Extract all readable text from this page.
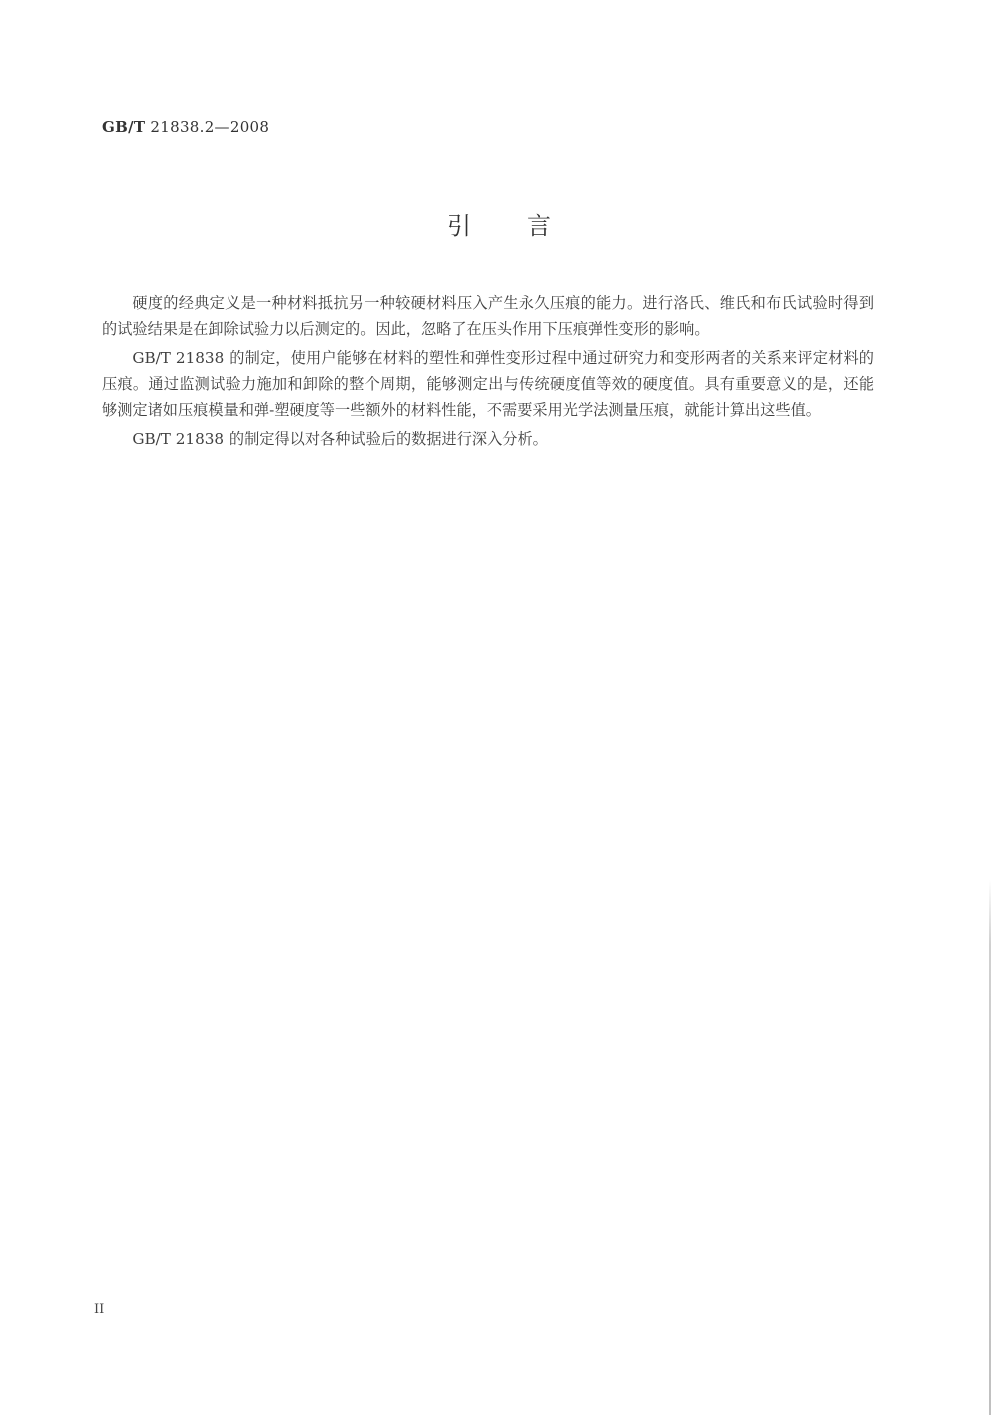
GB/T 21838.2—2008
引言

硬度的经典定义是一种材料抵抗另一种较硬材料压入产生永久压痕的能力。进行洛氏、维氏和布氏试验时得到的试验结果是在卸除试验力以后测定的。因此，忽略了在压头作用下压痕弹性变形的影响。

GB/T 21838 的制定，使用户能够在材料的塑性和弹性变形过程中通过研究力和变形两者的关系来评定材料的压痕。通过监测试验力施加和卸除的整个周期，能够测定出与传统硬度值等效的硬度值。具有重要意义的是，还能够测定诸如压痕模量和弹-塑硬度等一些额外的材料性能，不需要采用光学法测量压痕，就能计算出这些值。

GB/T 21838 的制定得以对各种试验后的数据进行深入分析。

II
